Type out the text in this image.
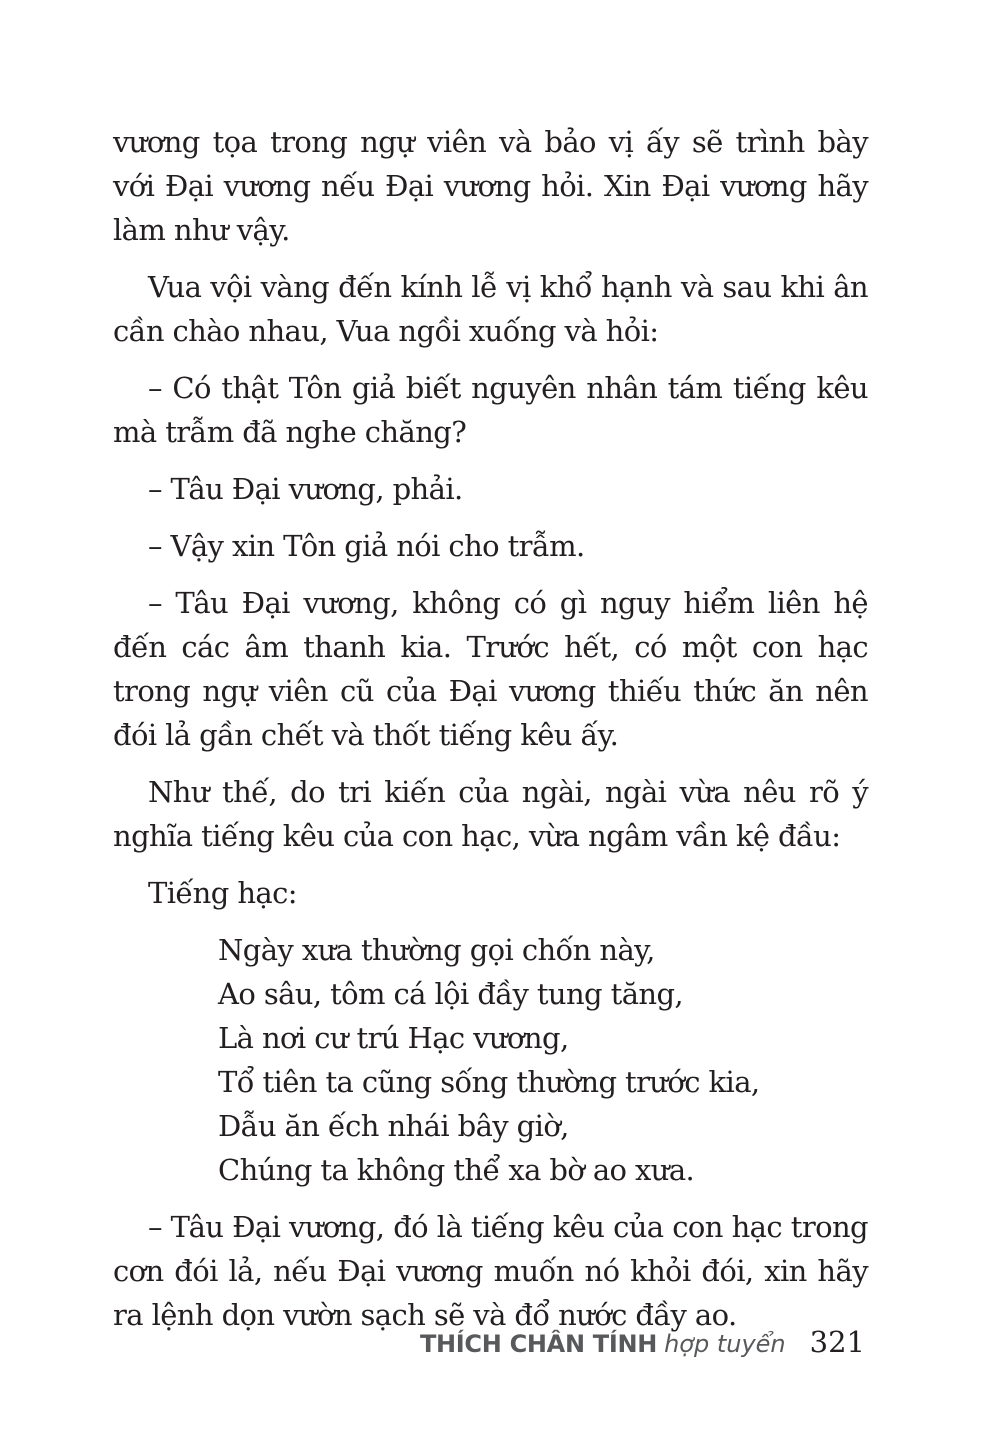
vương tọa trong ngự viên và bảo vị ấy sẽ trình bày với Đại vương nếu Đại vương hỏi. Xin Đại vương hãy làm như vậy.

Vua vội vàng đến kính lễ vị khổ hạnh và sau khi ân cần chào nhau, Vua ngồi xuống và hỏi:

– Có thật Tôn giả biết nguyên nhân tám tiếng kêu mà trẫm đã nghe chăng?

– Tâu Đại vương, phải.

– Vậy xin Tôn giả nói cho trẫm.

– Tâu Đại vương, không có gì nguy hiểm liên hệ đến các âm thanh kia. Trước hết, có một con hạc trong ngự viên cũ của Đại vương thiếu thức ăn nên đói lả gần chết và thốt tiếng kêu ấy.

Như thế, do tri kiến của ngài, ngài vừa nêu rõ ý nghĩa tiếng kêu của con hạc, vừa ngâm vần kệ đầu:

Tiếng hạc:

Ngày xưa thường gọi chốn này,
Ao sâu, tôm cá lội đầy tung tăng,
Là nơi cư trú Hạc vương,
Tổ tiên ta cũng sống thường trước kia,
Dẫu ăn ếch nhái bây giờ,
Chúng ta không thể xa bờ ao xưa.

– Tâu Đại vương, đó là tiếng kêu của con hạc trong cơn đói lả, nếu Đại vương muốn nó khỏi đói, xin hãy ra lệnh dọn vườn sạch sẽ và đổ nước đầy ao.

THÍCH CHÂN TÍNH hợp tuyển 321
